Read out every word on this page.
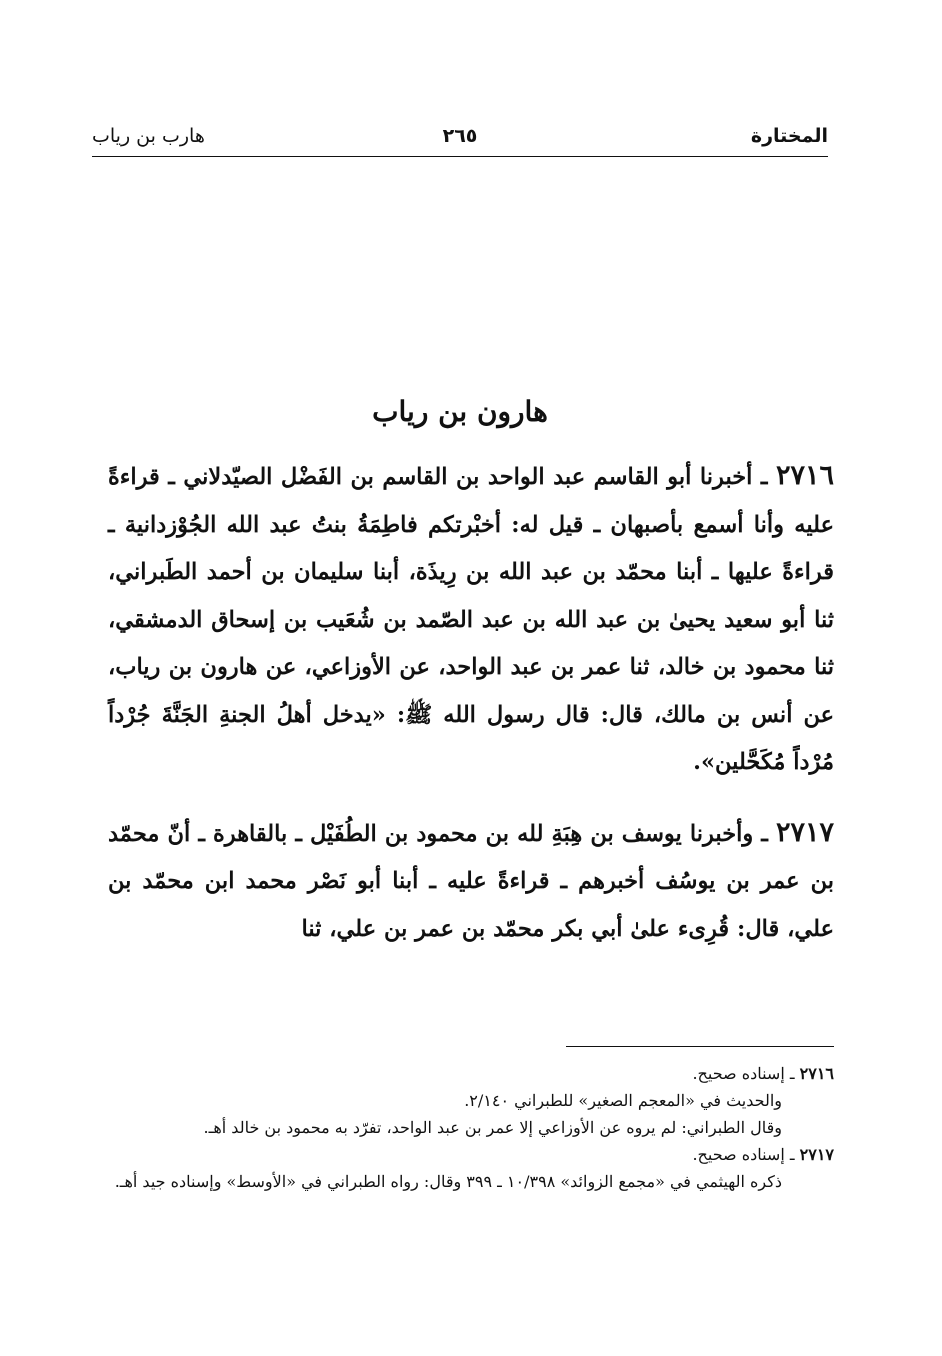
المختارة
٢٦٥
هارب بن رياب
هارون بن رياب

٢٧١٦ ـ أخبرنا أبو القاسم عبد الواحد بن القاسم بن الفَضْل الصيّدلاني ـ قراءةً عليه وأنا أسمع بأصبهان ـ قيل له: أخبْرتكم فاطِمَةُ بنتُ عبد الله الجُوْزدانية ـ قراءةً عليها ـ أبنا محمّد بن عبد الله بن رِيذَة، أبنا سليمان بن أحمد الطَبراني، ثنا أبو سعيد يحيىٰ بن عبد الله بن عبد الصّمد بن شُعَيب بن إسحاق الدمشقي، ثنا محمود بن خالد، ثنا عمر بن عبد الواحد، عن الأوزاعي، عن هارون بن رياب، عن أنس بن مالك، قال: قال رسول الله ﷺ: «يدخل أهلُ الجنةِ الجَنَّةَ جُرْداً مُرْداً مُكَحَّلين».

٢٧١٧ ـ وأخبرنا يوسف بن هِبَةِ لله بن محمود بن الطُفَيْل ـ بالقاهرة ـ أنّ محمّد بن عمر بن يوسُف أخبرهم ـ قراءةً عليه ـ أبنا أبو نَصْر محمد ابن محمّد بن علي، قال: قُرِىء علىٰ أبي بكر محمّد بن عمر بن علي، ثنا

٢٧١٦ ـ إسناده صحيح.

والحديث في «المعجم الصغير» للطبراني ٢/١٤٠.

وقال الطبراني: لم يروه عن الأوزاعي إلا عمر بن عبد الواحد، تفرّد به محمود بن خالد أهـ.

٢٧١٧ ـ إسناده صحيح.

ذكره الهيثمي في «مجمع الزوائد» ١٠/٣٩٨ ـ ٣٩٩ وقال: رواه الطبراني في «الأوسط» وإسناده جيد أهـ.
